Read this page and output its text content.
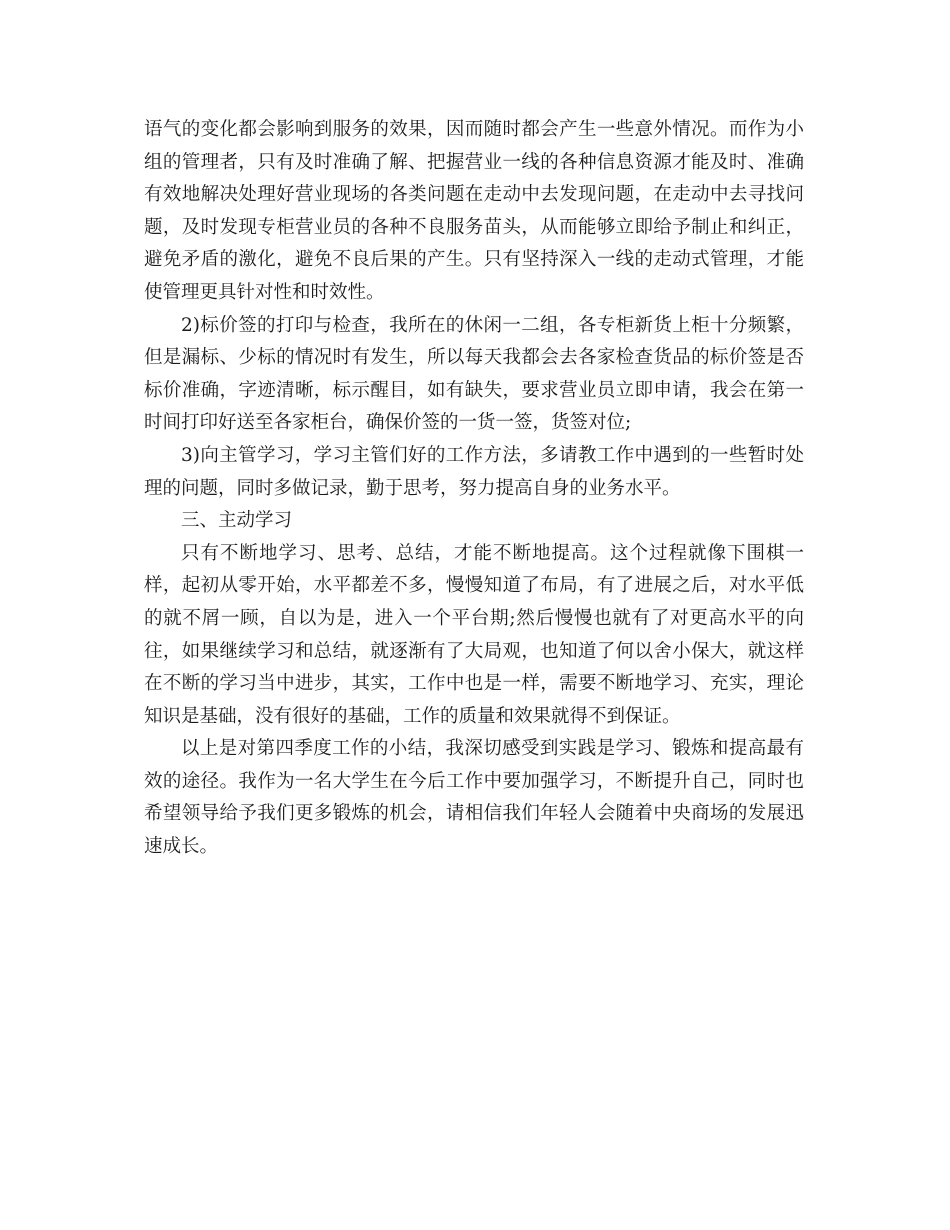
语气的变化都会影响到服务的效果，因而随时都会产生一些意外情况。而作为小组的管理者，只有及时准确了解、把握营业一线的各种信息资源才能及时、准确有效地解决处理好营业现场的各类问题在走动中去发现问题，在走动中去寻找问题，及时发现专柜营业员的各种不良服务苗头，从而能够立即给予制止和纠正，避免矛盾的激化，避免不良后果的产生。只有坚持深入一线的走动式管理，才能使管理更具针对性和时效性。

2)标价签的打印与检查，我所在的休闲一二组，各专柜新货上柜十分频繁，但是漏标、少标的情况时有发生，所以每天我都会去各家检查货品的标价签是否标价准确，字迹清晰，标示醒目，如有缺失，要求营业员立即申请，我会在第一时间打印好送至各家柜台，确保价签的一货一签，货签对位;

3)向主管学习，学习主管们好的工作方法，多请教工作中遇到的一些暂时处理的问题，同时多做记录，勤于思考，努力提高自身的业务水平。

三、主动学习

只有不断地学习、思考、总结，才能不断地提高。这个过程就像下围棋一样，起初从零开始，水平都差不多，慢慢知道了布局，有了进展之后，对水平低的就不屑一顾，自以为是，进入一个平台期;然后慢慢也就有了对更高水平的向往，如果继续学习和总结，就逐渐有了大局观，也知道了何以舍小保大，就这样在不断的学习当中进步，其实，工作中也是一样，需要不断地学习、充实，理论知识是基础，没有很好的基础，工作的质量和效果就得不到保证。

以上是对第四季度工作的小结，我深切感受到实践是学习、锻炼和提高最有效的途径。我作为一名大学生在今后工作中要加强学习，不断提升自己，同时也希望领导给予我们更多锻炼的机会，请相信我们年轻人会随着中央商场的发展迅速成长。
